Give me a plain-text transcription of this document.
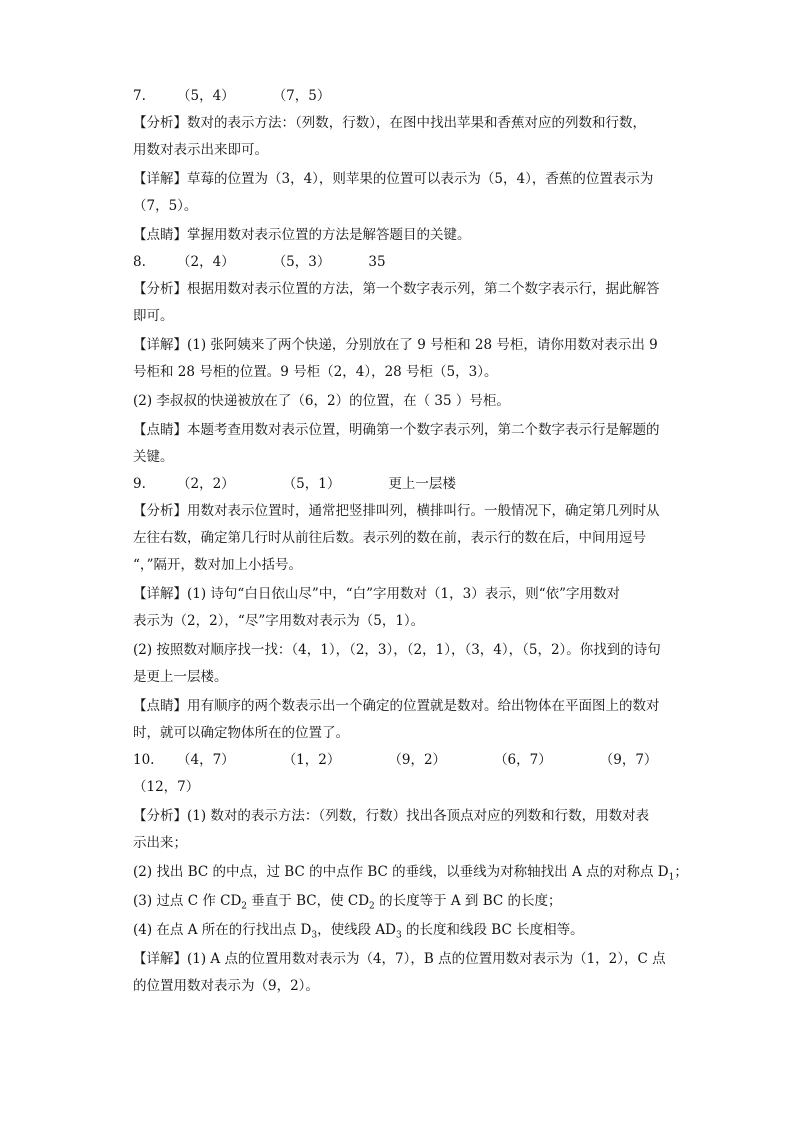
7. （5，4）	（7，5）

【分析】数对的表示方法：（列数，行数），在图中找出苹果和香蕉对应的列数和行数，

用数对表示出来即可。

【详解】草莓的位置为（3，4），则苹果的位置可以表示为（5，4），香蕉的位置表示为

（7，5）。

【点睛】掌握用数对表示位置的方法是解答题目的关键。

8. （2，4）	（5，3）	35

【分析】根据用数对表示位置的方法，第一个数字表示列，第二个数字表示行，据此解答

即可。

【详解】(1) 张阿姨来了两个快递，分别放在了 9 号柜和 28 号柜，请你用数对表示出 9

号柜和 28 号柜的位置。9 号柜（2，4），28 号柜（5，3）。

(2) 李叔叔的快递被放在了（6，2）的位置，在（ 35 ）号柜。

【点睛】本题考查用数对表示位置，明确第一个数字表示列，第二个数字表示行是解题的

关键。

9. （2，2）	（5，1）	更上一层楼

【分析】用数对表示位置时，通常把竖排叫列，横排叫行。一般情况下，确定第几列时从

左往右数，确定第几行时从前往后数。表示列的数在前，表示行的数在后，中间用逗号

“，”隔开，数对加上小括号。

【详解】(1) 诗句“白日依山尽”中，“白”字用数对（1，3）表示，则“依”字用数对

表示为（2，2），“尽”字用数对表示为（5，1）。

(2) 按照数对顺序找一找：（4，1），（2，3），（2，1），（3，4），（5，2）。你找到的诗句

是更上一层楼。

【点睛】用有顺序的两个数表示出一个确定的位置就是数对。给出物体在平面图上的数对

时，就可以确定物体所在的位置了。

10. （4，7）	（1，2）	（9，2）	（6，7）	（9，7）

（12，7）

【分析】(1) 数对的表示方法：（列数，行数）找出各顶点对应的列数和行数，用数对表

示出来；

(2) 找出 BC 的中点，过 BC 的中点作 BC 的垂线，以垂线为对称轴找出 A 点的对称点 $D_1$；

(3) 过点 C 作 $CD_2$ 垂直于 BC，使 $CD_2$ 的长度等于 A 到 BC 的长度；

(4) 在点 A 所在的行找出点 $D_3$，使线段 $AD_3$ 的长度和线段 BC 长度相等。

【详解】(1) A 点的位置用数对表示为（4，7），B 点的位置用数对表示为（1，2），C 点

的位置用数对表示为（9，2）。
